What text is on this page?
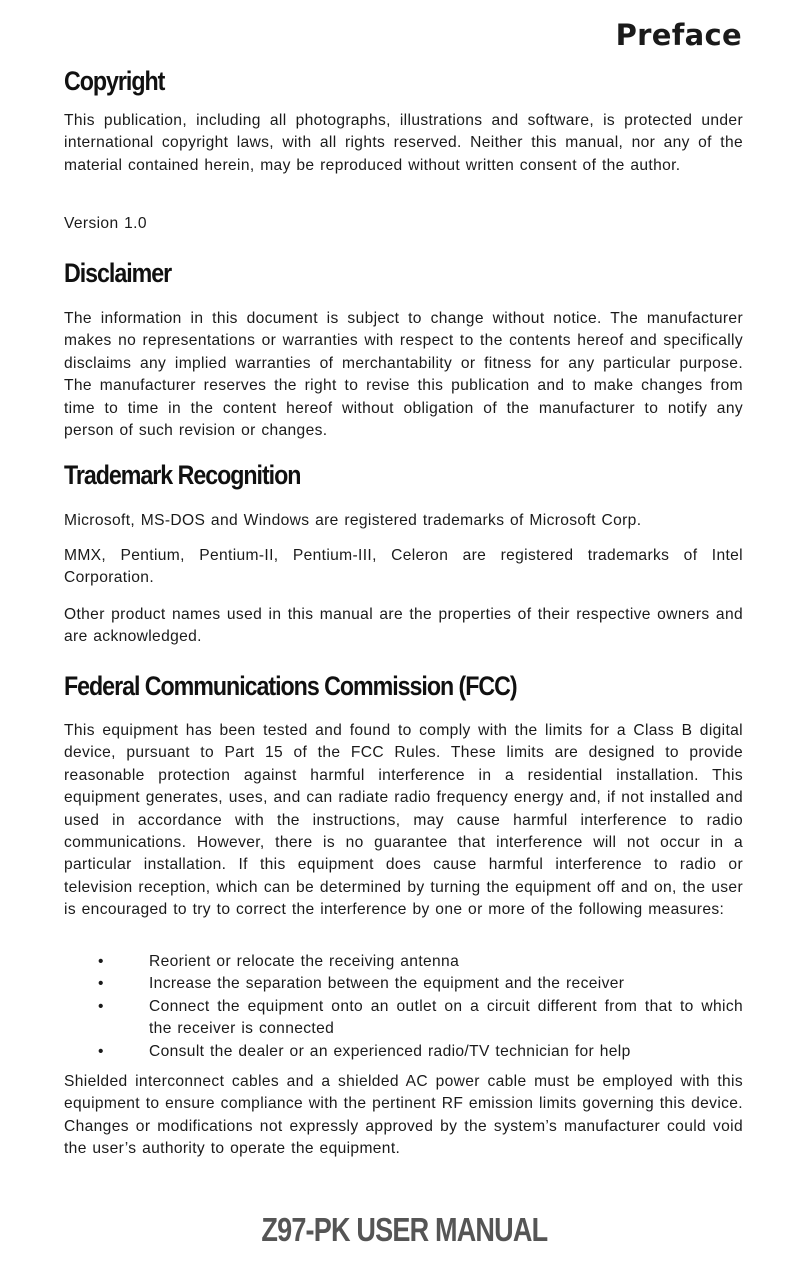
Preface
Copyright

This publication, including all photographs, illustrations and software, is protected under international copyright laws, with all rights reserved. Neither this manual, nor any of the material contained herein, may be reproduced without written consent of the author.

Version 1.0

Disclaimer

The information in this document is subject to change without notice. The manufacturer makes no representations or warranties with respect to the contents hereof and specifically disclaims any implied warranties of merchantability or fitness for any particular purpose. The manufacturer reserves the right to revise this publication and to make changes from time to time in the content hereof without obligation of the manufacturer to notify any person of such revision or changes.

Trademark Recognition

Microsoft, MS-DOS and Windows are registered trademarks of Microsoft Corp.

MMX, Pentium, Pentium-II, Pentium-III, Celeron are registered trademarks of Intel Corporation.

Other product names used in this manual are the properties of their respective owners and are acknowledged.

Federal Communications Commission (FCC)

This equipment has been tested and found to comply with the limits for a Class B digital device, pursuant to Part 15 of the FCC Rules. These limits are designed to provide reasonable protection against harmful interference in a residential installation. This equipment generates, uses, and can radiate radio frequency energy and, if not installed and used in accordance with the instructions, may cause harmful interference to radio communications. However, there is no guarantee that interference will not occur in a particular installation. If this equipment does cause harmful interference to radio or television reception, which can be determined by turning the equipment off and on, the user is encouraged to try to correct the interference by one or more of the following measures:

•	Reorient or relocate the receiving antenna
•	Increase the separation between the equipment and the receiver
•	Connect the equipment onto an outlet on a circuit different from that to which the receiver is connected
•	Consult the dealer or an experienced radio/TV technician for help

Shielded interconnect cables and a shielded AC power cable must be employed with this equipment to ensure compliance with the pertinent RF emission limits governing this device. Changes or modifications not expressly approved by the system’s manufacturer could void the user’s authority to operate the equipment.

Z97-PK USER MANUAL
